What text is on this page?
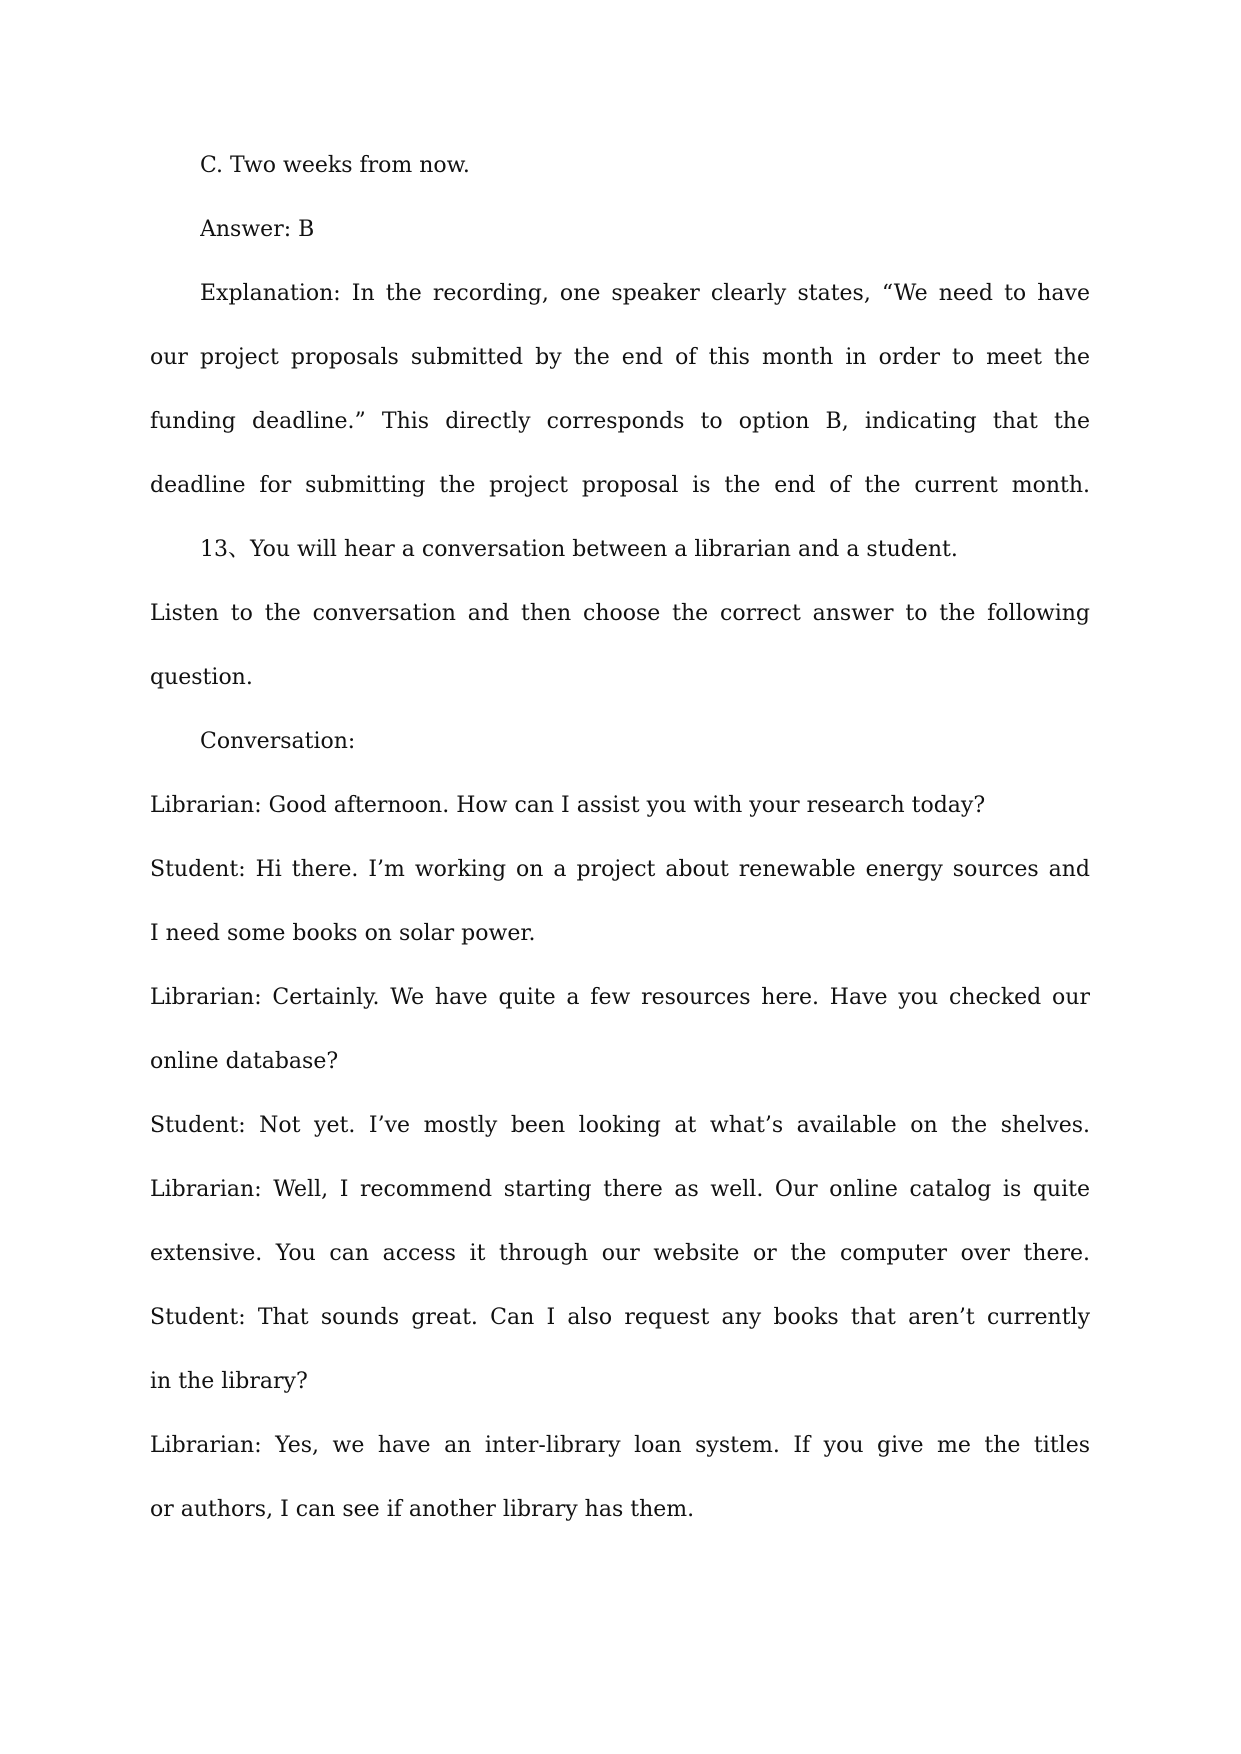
C. Two weeks from now.
Answer: B
Explanation: In the recording, one speaker clearly states, “We need to have
our project proposals submitted by the end of this month in order to meet the
funding deadline.” This directly corresponds to option B, indicating that the
deadline for submitting the project proposal is the end of the current month.
13、You will hear a conversation between a librarian and a student.
Listen to the conversation and then choose the correct answer to the following
question.
Conversation:
Librarian: Good afternoon. How can I assist you with your research today?
Student: Hi there. I’m working on a project about renewable energy sources and
I need some books on solar power.
Librarian: Certainly. We have quite a few resources here. Have you checked our
online database?
Student: Not yet. I’ve mostly been looking at what’s available on the shelves.
Librarian: Well, I recommend starting there as well. Our online catalog is quite
extensive. You can access it through our website or the computer over there.
Student: That sounds great. Can I also request any books that aren’t currently
in the library?
Librarian: Yes, we have an inter-library loan system. If you give me the titles
or authors, I can see if another library has them.
